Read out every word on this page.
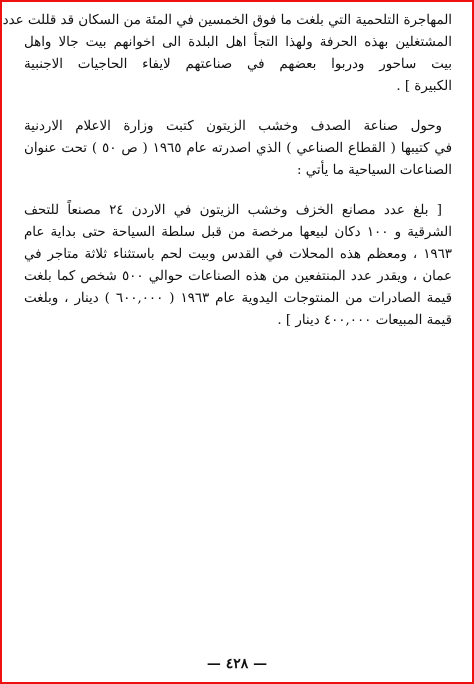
المهاجرة التلحمية التي بلغت ما فوق الخمسين في المئة من السكان قد قللت عدد
المشتغلين بهذه الحرفة ولهذا التجأ اهل البلدة الى اخوانهم بيت جالا واهل
بيت ساحور ودربوا بعضهم في صناعتهم لايفاء الحاجيات الاجنبية
الكبيرة ] .
وحول صناعة الصدف وخشب الزيتون كتبت وزارة الاعلام الاردنية
في كتيبها ( القطاع الصناعي ) الذي اصدرته عام ١٩٦٥ ( ص ٥٠ ) تحت عنوان
الصناعات السياحية ما يأتي :
[ بلغ عدد مصانع الخزف وخشب الزيتون في الاردن ٢٤ مصنعاً للتحف
الشرقية و ١٠٠ دكان لبيعها مرخصة من قبل سلطة السياحة حتى بداية عام
١٩٦٣ ، ومعظم هذه المحلات في القدس وبيت لحم باستثناء ثلاثة متاجر في
عمان ، ويقدر عدد المنتفعين من هذه الصناعات حوالي ٥٠٠ شخص كما بلغت
قيمة الصادرات من المنتوجات اليدوية عام ١٩٦٣ ( ٦٠٠,٠٠٠ ) دينار ، وبلغت
قيمة المبيعات ٤٠٠,٠٠٠ دينار ] .
— ٤٢٨ —
